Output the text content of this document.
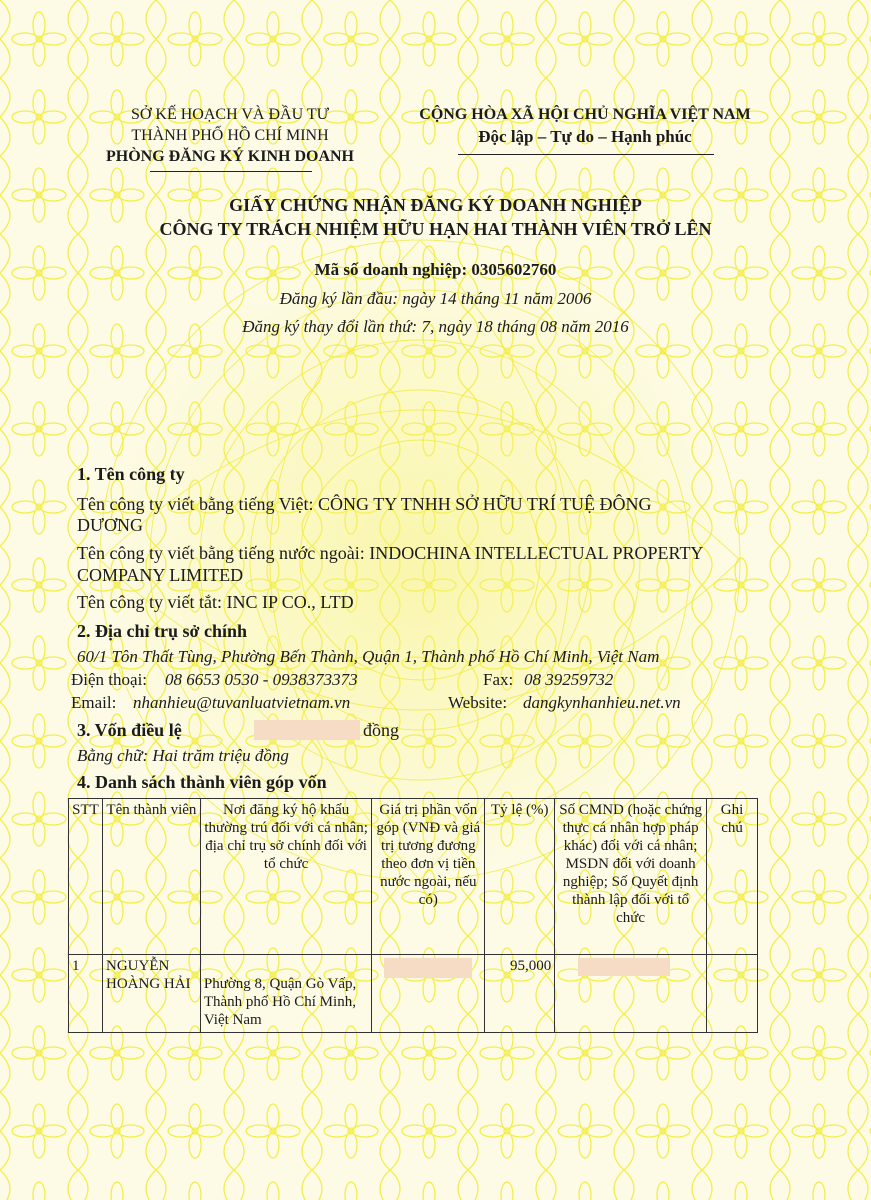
SỞ KẾ HOẠCH VÀ ĐẦU TƯ
THÀNH PHỐ HỒ CHÍ MINH
PHÒNG ĐĂNG KÝ KINH DOANH
CỘNG HÒA XÃ HỘI CHỦ NGHĨA VIỆT NAM
Độc lập – Tự do – Hạnh phúc
GIẤY CHỨNG NHẬN ĐĂNG KÝ DOANH NGHIỆP
CÔNG TY TRÁCH NHIỆM HỮU HẠN HAI THÀNH VIÊN TRỞ LÊN
Mã số doanh nghiệp: 0305602760
Đăng ký lần đầu: ngày 14 tháng 11 năm 2006
Đăng ký thay đổi lần thứ: 7, ngày 18 tháng 08 năm 2016
1. Tên công ty
Tên công ty viết bằng tiếng Việt: CÔNG TY TNHH SỞ HỮU TRÍ TUỆ ĐÔNG
DƯƠNG
Tên công ty viết bằng tiếng nước ngoài: INDOCHINA INTELLECTUAL PROPERTY
COMPANY LIMITED
Tên công ty viết tắt: INC IP CO., LTD
2. Địa chỉ trụ sở chính
60/1 Tôn Thất Tùng, Phường Bến Thành, Quận 1, Thành phố Hồ Chí Minh, Việt Nam
Điện thoại: 08 6653 0530 - 0938373373	Fax: 08 39259732
Email: nhanhieu@tuvanluatvietnam.vn	Website: dangkynhanhieu.net.vn
3. Vốn điều lệ	đồng
Bằng chữ: Hai trăm triệu đồng
4. Danh sách thành viên góp vốn
STT	Tên thành viên	Nơi đăng ký hộ khẩu thường trú đối với cá nhân; địa chỉ trụ sở chính đối với tổ chức	Giá trị phần vốn góp (VNĐ và giá trị tương đương theo đơn vị tiền nước ngoài, nếu có)	Tỷ lệ (%)	Số CMND (hoặc chứng thực cá nhân hợp pháp khác) đối với cá nhân; MSDN đối với doanh nghiệp; Số Quyết định thành lập đối với tổ chức	Ghi chú
1	NGUYỄN HOÀNG HẢI	Phường 8, Quận Gò Vấp, Thành phố Hồ Chí Minh, Việt Nam		95,000	
